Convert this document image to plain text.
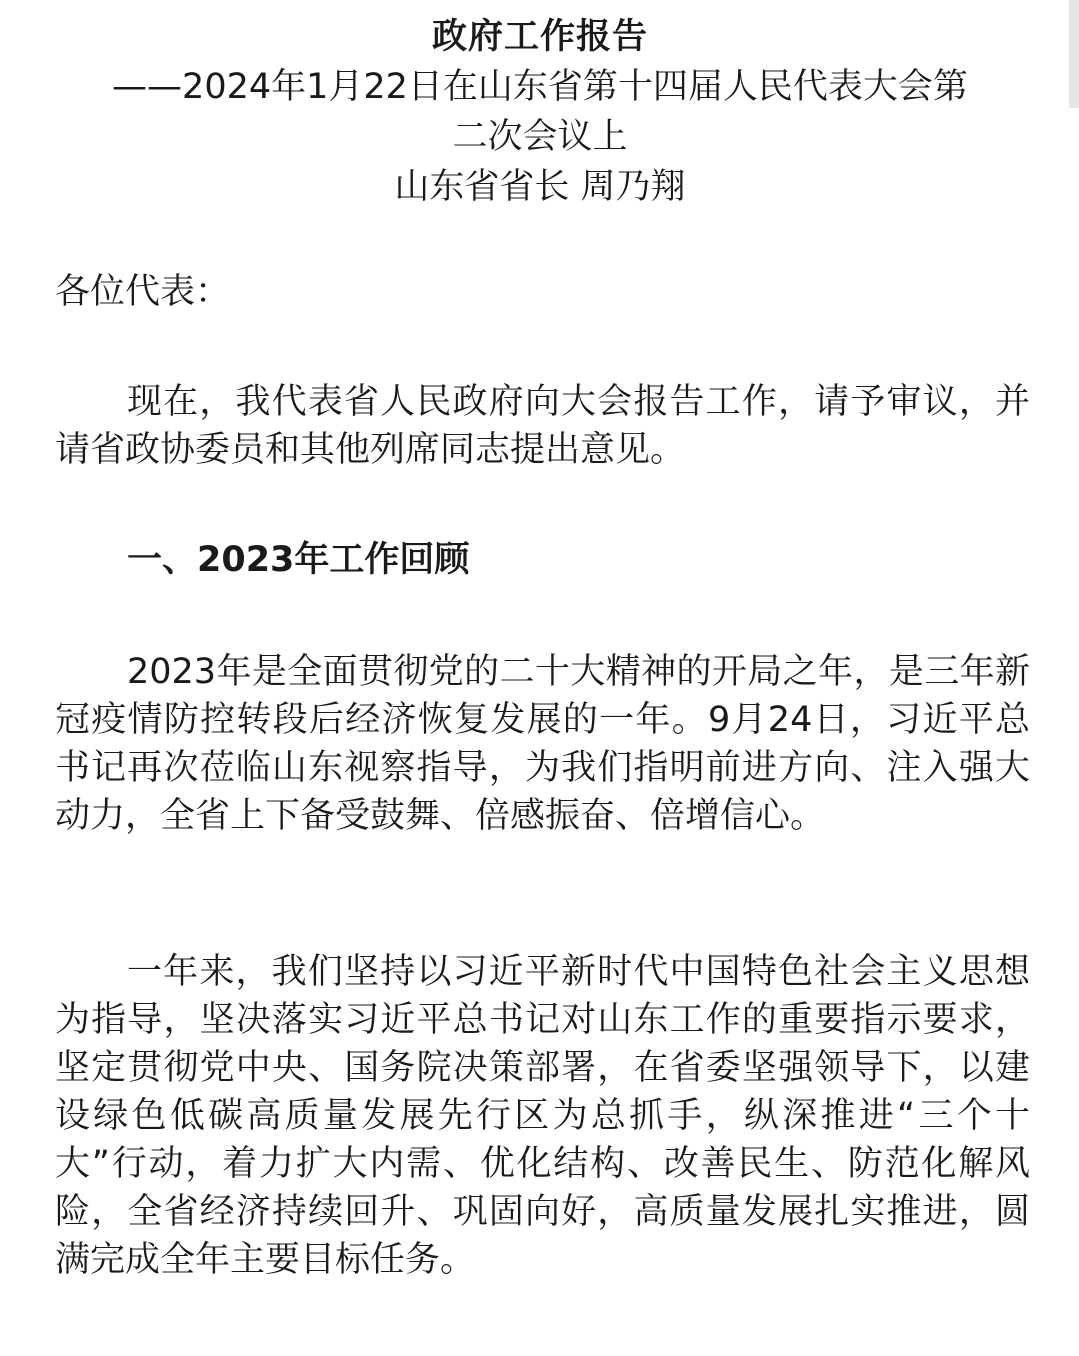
政府工作报告
——2024年1月22日在山东省第十四届人民代表大会第
二次会议上
山东省省长 周乃翔
各位代表：

现在，我代表省人民政府向大会报告工作，请予审议，并请省政协委员和其他列席同志提出意见。

一、2023年工作回顾

2023年是全面贯彻党的二十大精神的开局之年，是三年新冠疫情防控转段后经济恢复发展的一年。9月24日，习近平总书记再次莅临山东视察指导，为我们指明前进方向、注入强大动力，全省上下备受鼓舞、倍感振奋、倍增信心。

一年来，我们坚持以习近平新时代中国特色社会主义思想为指导，坚决落实习近平总书记对山东工作的重要指示要求，坚定贯彻党中央、国务院决策部署，在省委坚强领导下，以建设绿色低碳高质量发展先行区为总抓手，纵深推进“三个十大”行动，着力扩大内需、优化结构、改善民生、防范化解风险，全省经济持续回升、巩固向好，高质量发展扎实推进，圆满完成全年主要目标任务。
